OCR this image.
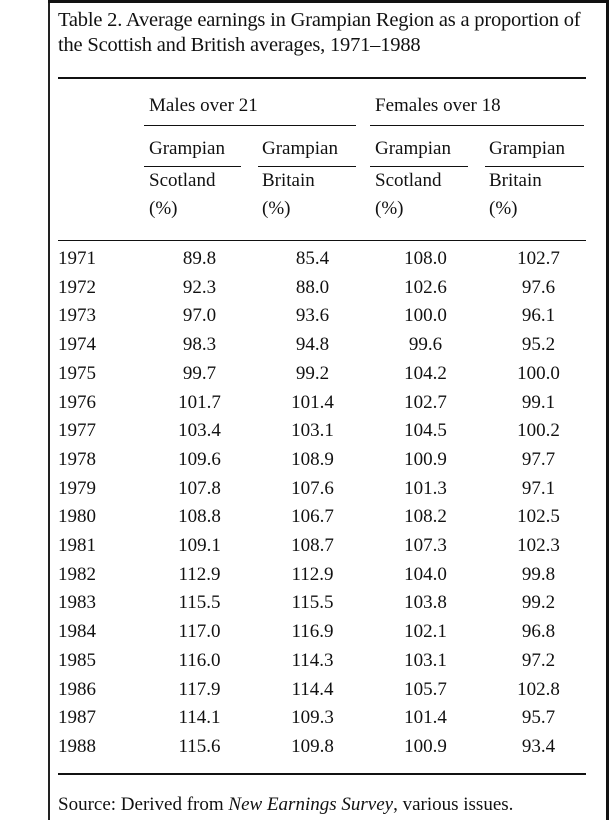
Table 2. Average earnings in Grampian Region as a proportion of the Scottish and British averages, 1971–1988
Males over 21	Females over 18
Grampian
Scotland
(%)
Grampian
Britain
(%)
Grampian
Scotland
(%)
Grampian
Britain
(%)
1971	89.8	85.4	108.0	102.7
1972	92.3	88.0	102.6	97.6
1973	97.0	93.6	100.0	96.1
1974	98.3	94.8	99.6	95.2
1975	99.7	99.2	104.2	100.0
1976	101.7	101.4	102.7	99.1
1977	103.4	103.1	104.5	100.2
1978	109.6	108.9	100.9	97.7
1979	107.8	107.6	101.3	97.1
1980	108.8	106.7	108.2	102.5
1981	109.1	108.7	107.3	102.3
1982	112.9	112.9	104.0	99.8
1983	115.5	115.5	103.8	99.2
1984	117.0	116.9	102.1	96.8
1985	116.0	114.3	103.1	97.2
1986	117.9	114.4	105.7	102.8
1987	114.1	109.3	101.4	95.7
1988	115.6	109.8	100.9	93.4
Source: Derived from New Earnings Survey, various issues.
